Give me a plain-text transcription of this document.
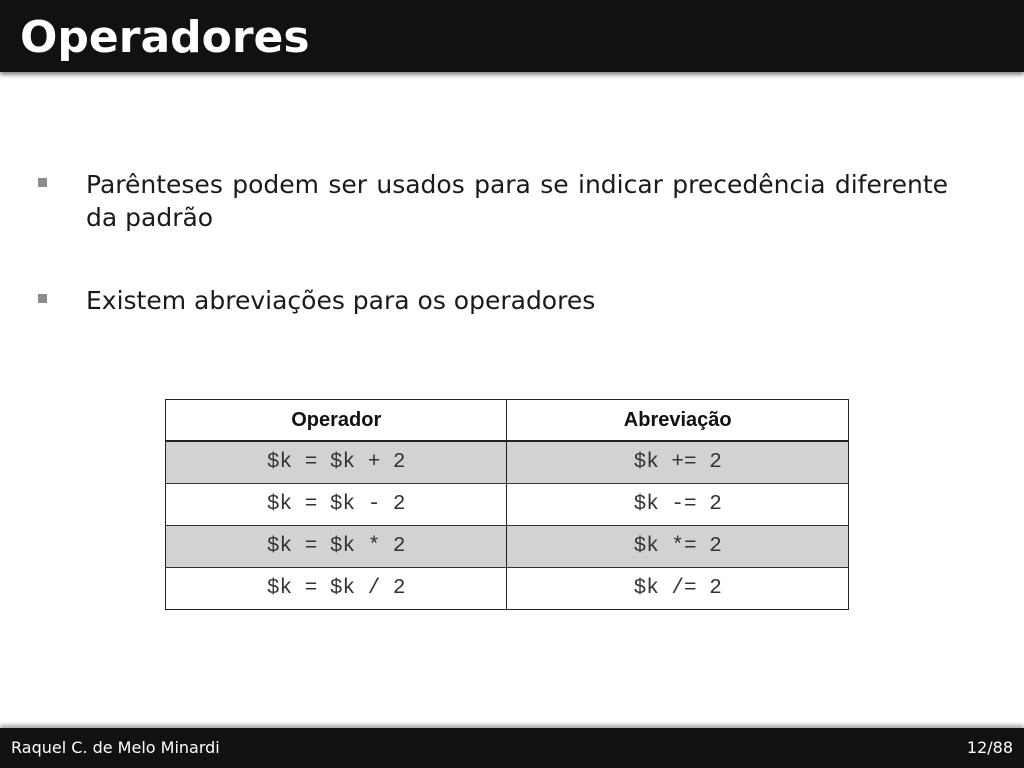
Operadores
Parênteses podem ser usados para se indicar precedência diferente da padrão
Existem abreviações para os operadores
Operador	Abreviação
$k = $k + 2	$k += 2
$k = $k - 2	$k -= 2
$k = $k * 2	$k *= 2
$k = $k / 2	$k /= 2
Raquel C. de Melo Minardi	12/88
